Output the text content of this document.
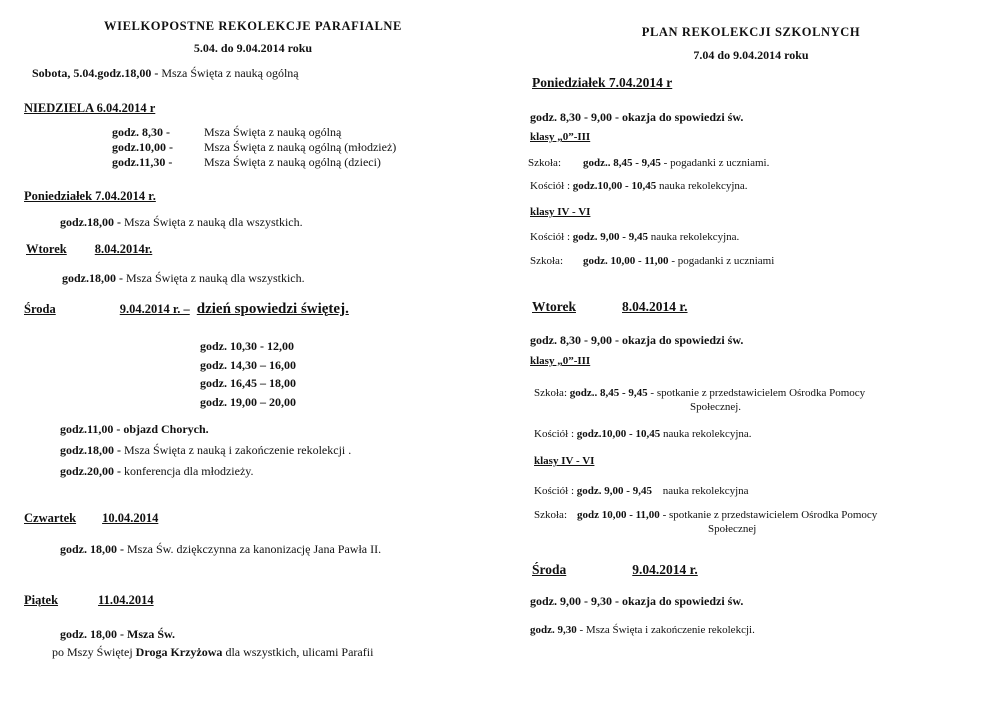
WIELKOPOSTNE REKOLEKCJE PARAFIALNE
5.04. do 9.04.2014 roku
Sobota, 5.04.godz.18,00 - Msza Święta z nauką ogólną
NIEDZIELA 6.04.2014 r
godz. 8,30 -	Msza Święta z nauką ogólną
godz.10,00 -	Msza Święta z nauką ogólną (młodzież)
godz.11,30 -	Msza Święta z nauką ogólną (dzieci)
Poniedziałek 7.04.2014 r.
godz.18,00 - Msza Święta z nauką dla wszystkich.
Wtorek 8.04.2014r.
godz.18,00 - Msza Święta z nauką dla wszystkich.
Środa	9.04.2014 r. – dzień spowiedzi świętej.
godz. 10,30 - 12,00
godz. 14,30 – 16,00
godz. 16,45 – 18,00
godz. 19,00 – 20,00
godz.11,00 - objazd Chorych.
godz.18,00 - Msza Święta z nauką i zakończenie rekolekcji .
godz.20,00 - konferencja dla młodzieży.
Czwartek 10.04.2014
godz. 18,00 - Msza Św. dziękczynna za kanonizację Jana Pawła II.
Piątek	11.04.2014
godz. 18,00 - Msza Św.
po Mszy Świętej Droga Krzyżowa dla wszystkich, ulicami Parafii
PLAN REKOLEKCJI SZKOLNYCH
7.04 do 9.04.2014 roku
Poniedziałek 7.04.2014 r
godz. 8,30 - 9,00 - okazja do spowiedzi św.
klasy „0”-III
Szkoła: godz.. 8,45 - 9,45 - pogadanki z uczniami.
Kościół : godz.10,00 - 10,45 nauka rekolekcyjna.
klasy IV - VI
Kościół : godz. 9,00 - 9,45 nauka rekolekcyjna.
Szkoła: godz. 10,00 - 11,00 - pogadanki z uczniami
Wtorek	8.04.2014 r.
godz. 8,30 - 9,00 - okazja do spowiedzi św.
klasy „0”-III
Szkoła: godz.. 8,45 - 9,45 - spotkanie z przedstawicielem Ośrodka Pomocy
Społecznej.
Kościół : godz.10,00 - 10,45 nauka rekolekcyjna.
klasy IV - VI
Kościół : godz. 9,00 - 9,45 nauka rekolekcyjna
Szkoła: godz 10,00 - 11,00 - spotkanie z przedstawicielem Ośrodka Pomocy
Społecznej
Środa	9.04.2014 r.
godz. 9,00 - 9,30 - okazja do spowiedzi św.
godz. 9,30 - Msza Święta i zakończenie rekolekcji.
